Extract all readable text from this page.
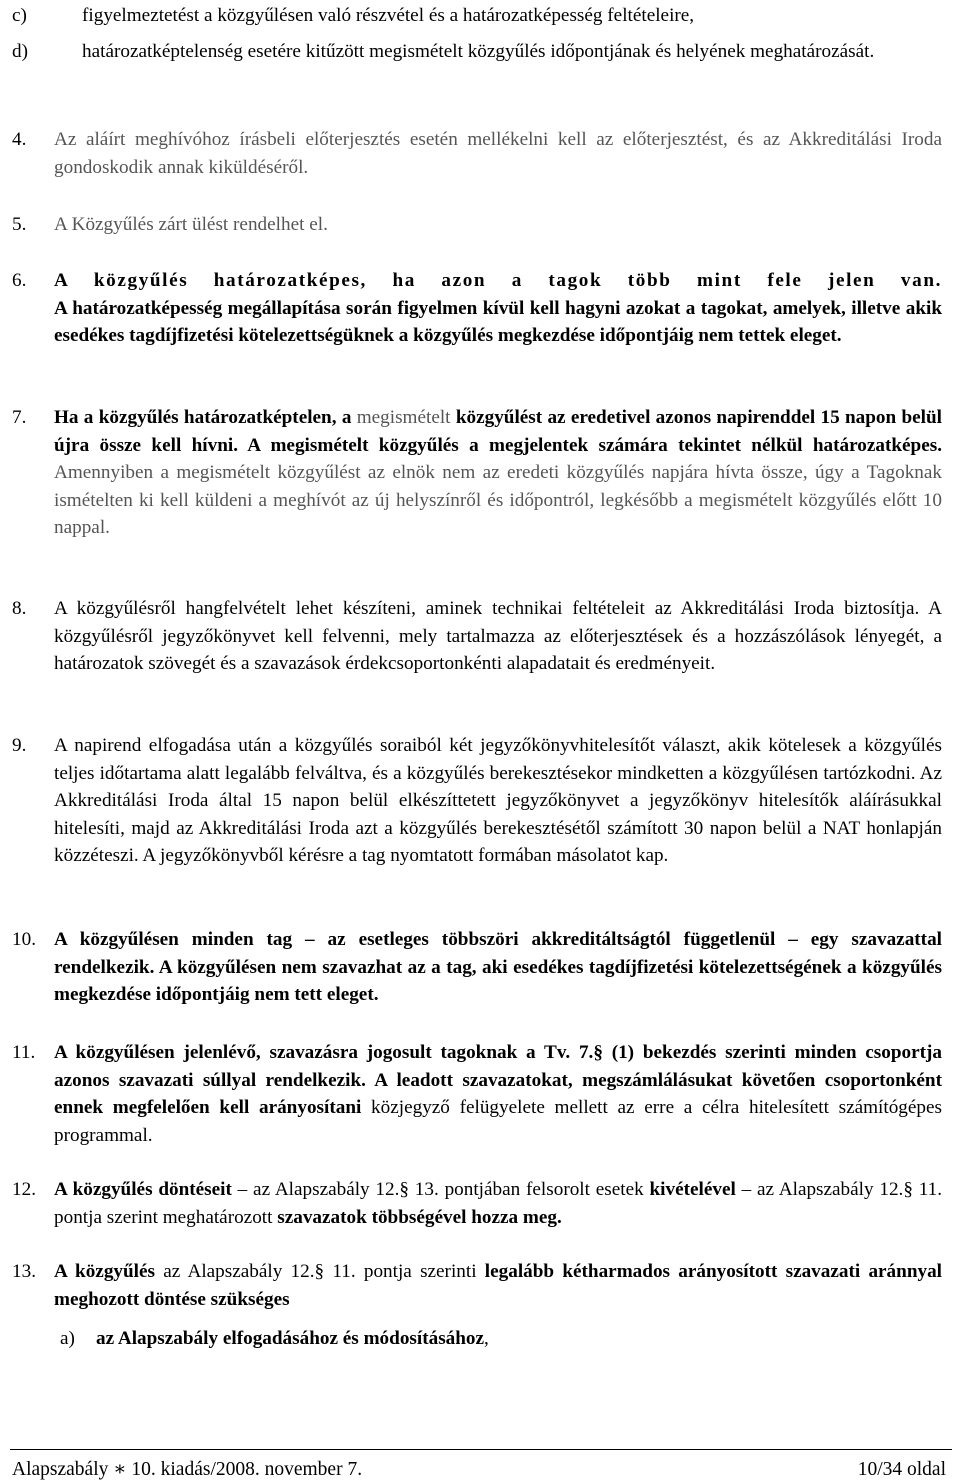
c)	figyelmeztetést a közgyűlésen való részvétel és a határozatképesség feltételeire,
d)	határozatképtelenség esetére kitűzött megismételt közgyűlés időpontjának és helyének meghatározását.
4. Az aláírt meghívóhoz írásbeli előterjesztés esetén mellékelni kell az előterjesztést, és az Akkreditálási Iroda gondoskodik annak kiküldéséről.
5. A Közgyűlés zárt ülést rendelhet el.
6. A közgyűlés határozatképes, ha azon a tagok több mint fele jelen van. A határozatképesség megállapítása során figyelmen kívül kell hagyni azokat a tagokat, amelyek, illetve akik esedékes tagdíjfizetési kötelezettségüknek a közgyűlés megkezdése időpontjáig nem tettek eleget.
7. Ha a közgyűlés határozatképtelen, a megismételt közgyűlést az eredetivel azonos napirenddel 15 napon belül újra össze kell hívni. A megismételt közgyűlés a megjelentek számára tekintet nélkül határozatképes. Amennyiben a megismételt közgyűlést az elnök nem az eredeti közgyűlés napjára hívta össze, úgy a Tagoknak ismételten ki kell küldeni a meghívót az új helyszínről és időpontról, legkésőbb a megismételt közgyűlés előtt 10 nappal.
8. A közgyűlésről hangfelvételt lehet készíteni, aminek technikai feltételeit az Akkreditálási Iroda biztosítja. A közgyűlésről jegyzőkönyvet kell felvenni, mely tartalmazza az előterjesztések és a hozzászólások lényegét, a határozatok szövegét és a szavazások érdekcsoportonkénti alapadatait és eredményeit.
9. A napirend elfogadása után a közgyűlés soraiból két jegyzőkönyvhitelesítőt választ, akik kötelesek a közgyűlés teljes időtartama alatt legalább felváltva, és a közgyűlés berekesztésekor mindketten a közgyűlésen tartózkodni. Az Akkreditálási Iroda által 15 napon belül elkészíttetett jegyzőkönyvet a jegyzőkönyv hitelesítők aláírásukkal hitelesíti, majd az Akkreditálási Iroda azt a közgyűlés berekesztésétől számított 30 napon belül a NAT honlapján közzéteszi. A jegyzőkönyvből kérésre a tag nyomtatott formában másolatot kap.
10. A közgyűlésen minden tag – az esetleges többszöri akkreditáltságtól függetlenül – egy szavazattal rendelkezik. A közgyűlésen nem szavazhat az a tag, aki esedékes tagdíjfizetési kötelezettségének a közgyűlés megkezdése időpontjáig nem tett eleget.
11. A közgyűlésen jelenlévő, szavazásra jogosult tagoknak a Tv. 7.§ (1) bekezdés szerinti minden csoportja azonos szavazati súllyal rendelkezik. A leadott szavazatokat, megszámlálásukat követően csoportonként ennek megfelelően kell arányosítani közjegyző felügyelete mellett az erre a célra hitelesített számítógépes programmal.
12. A közgyűlés döntéseit – az Alapszabály 12.§ 13. pontjában felsorolt esetek kivételével – az Alapszabály 12.§ 11. pontja szerint meghatározott szavazatok többségével hozza meg.
13. A közgyűlés az Alapszabály 12.§ 11. pontja szerinti legalább kétharmados arányosított szavazati aránnyal meghozott döntése szükséges
a) az Alapszabály elfogadásához és módosításához,
Alapszabály ∗ 10. kiadás/2008. november 7.	10/34 oldal
